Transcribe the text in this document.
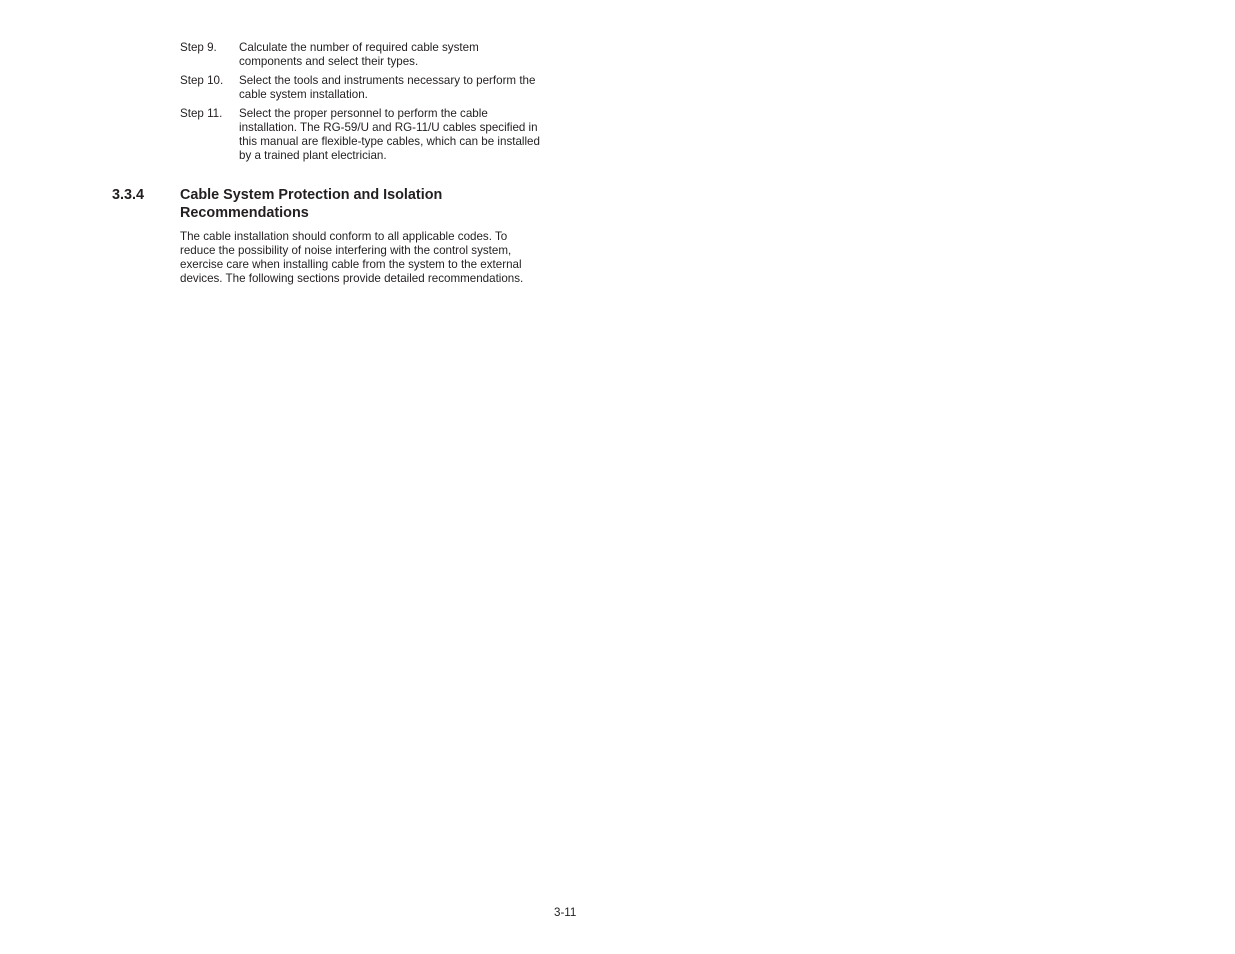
Step 9.	Calculate the number of required cable system
components and select their types.
Step 10.	Select the tools and instruments necessary to perform the
cable system installation.
Step 11.	Select the proper personnel to perform the cable
installation. The RG-59/U and RG-11/U cables specified in
this manual are flexible-type cables, which can be installed
by a trained plant electrician.
3.3.4 Cable System Protection and Isolation
Recommendations
The cable installation should conform to all applicable codes. To
reduce the possibility of noise interfering with the control system,
exercise care when installing cable from the system to the external
devices. The following sections provide detailed recommendations.
3-11
